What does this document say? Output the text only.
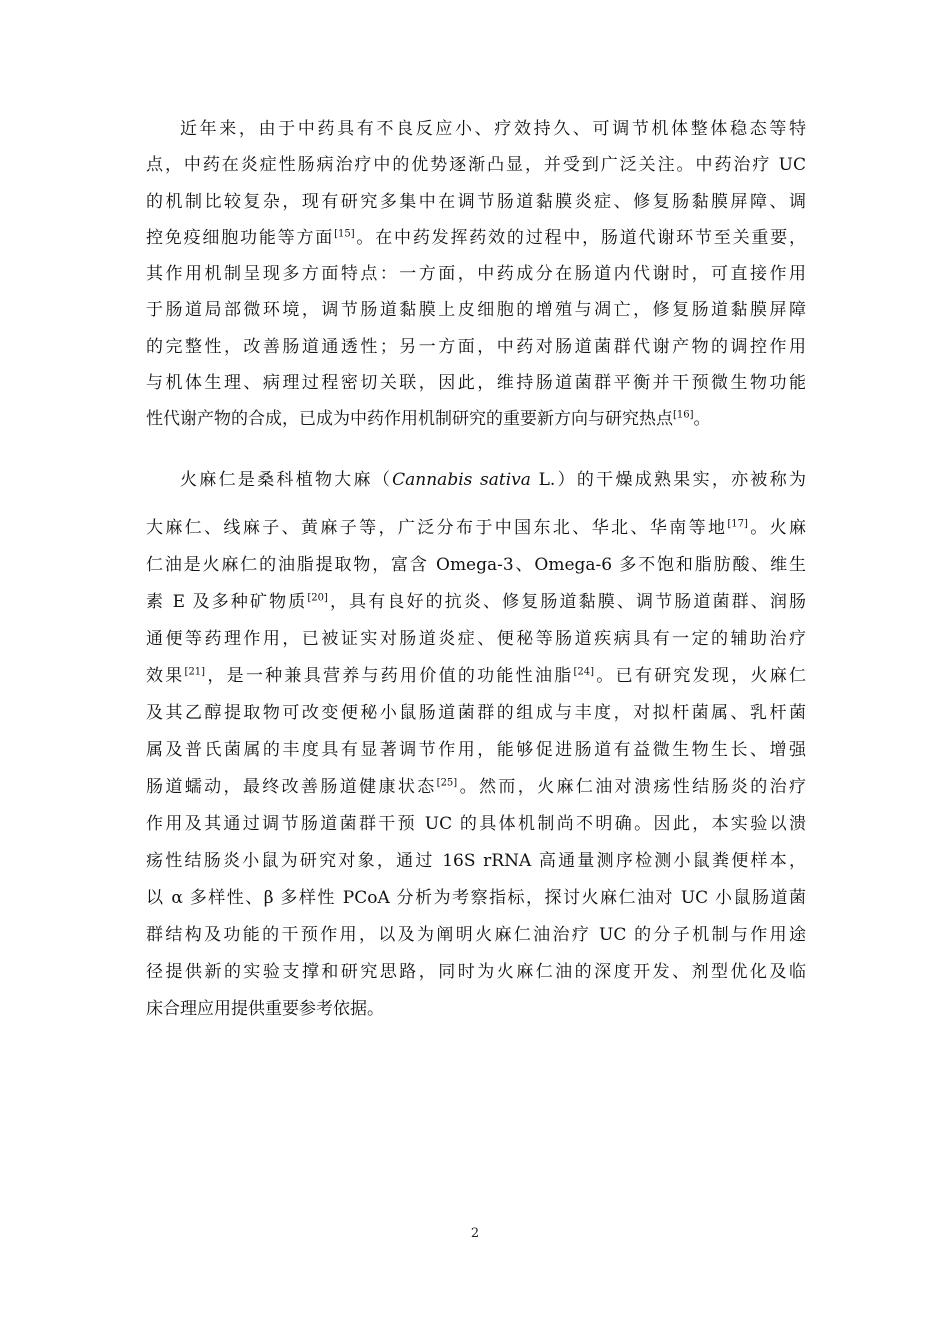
近年来，由于中药具有不良反应小、疗效持久、可调节机体整体稳态等特
点，中药在炎症性肠病治疗中的优势逐渐凸显，并受到广泛关注。中药治疗 UC
的机制比较复杂，现有研究多集中在调节肠道黏膜炎症、修复肠黏膜屏障、调
控免疫细胞功能等方面[15]。在中药发挥药效的过程中，肠道代谢环节至关重要，
其作用机制呈现多方面特点：一方面，中药成分在肠道内代谢时，可直接作用
于肠道局部微环境，调节肠道黏膜上皮细胞的增殖与凋亡，修复肠道黏膜屏障
的完整性，改善肠道通透性；另一方面，中药对肠道菌群代谢产物的调控作用
与机体生理、病理过程密切关联，因此，维持肠道菌群平衡并干预微生物功能
性代谢产物的合成，已成为中药作用机制研究的重要新方向与研究热点[16]。
火麻仁是桑科植物大麻（Cannabis sativa L.）的干燥成熟果实，亦被称为
大麻仁、线麻子、黄麻子等，广泛分布于中国东北、华北、华南等地[17]。火麻
仁油是火麻仁的油脂提取物，富含 Omega-3、Omega-6 多不饱和脂肪酸、维生
素 E 及多种矿物质[20]，具有良好的抗炎、修复肠道黏膜、调节肠道菌群、润肠
通便等药理作用，已被证实对肠道炎症、便秘等肠道疾病具有一定的辅助治疗
效果[21]，是一种兼具营养与药用价值的功能性油脂[24]。已有研究发现，火麻仁
及其乙醇提取物可改变便秘小鼠肠道菌群的组成与丰度，对拟杆菌属、乳杆菌
属及普氏菌属的丰度具有显著调节作用，能够促进肠道有益微生物生长、增强
肠道蠕动，最终改善肠道健康状态[25]。然而，火麻仁油对溃疡性结肠炎的治疗
作用及其通过调节肠道菌群干预 UC 的具体机制尚不明确。因此，本实验以溃
疡性结肠炎小鼠为研究对象，通过 16S rRNA 高通量测序检测小鼠粪便样本，
以 α 多样性、β 多样性 PCoA 分析为考察指标，探讨火麻仁油对 UC 小鼠肠道菌
群结构及功能的干预作用，以及为阐明火麻仁油治疗 UC 的分子机制与作用途
径提供新的实验支撑和研究思路，同时为火麻仁油的深度开发、剂型优化及临
床合理应用提供重要参考依据。
2
